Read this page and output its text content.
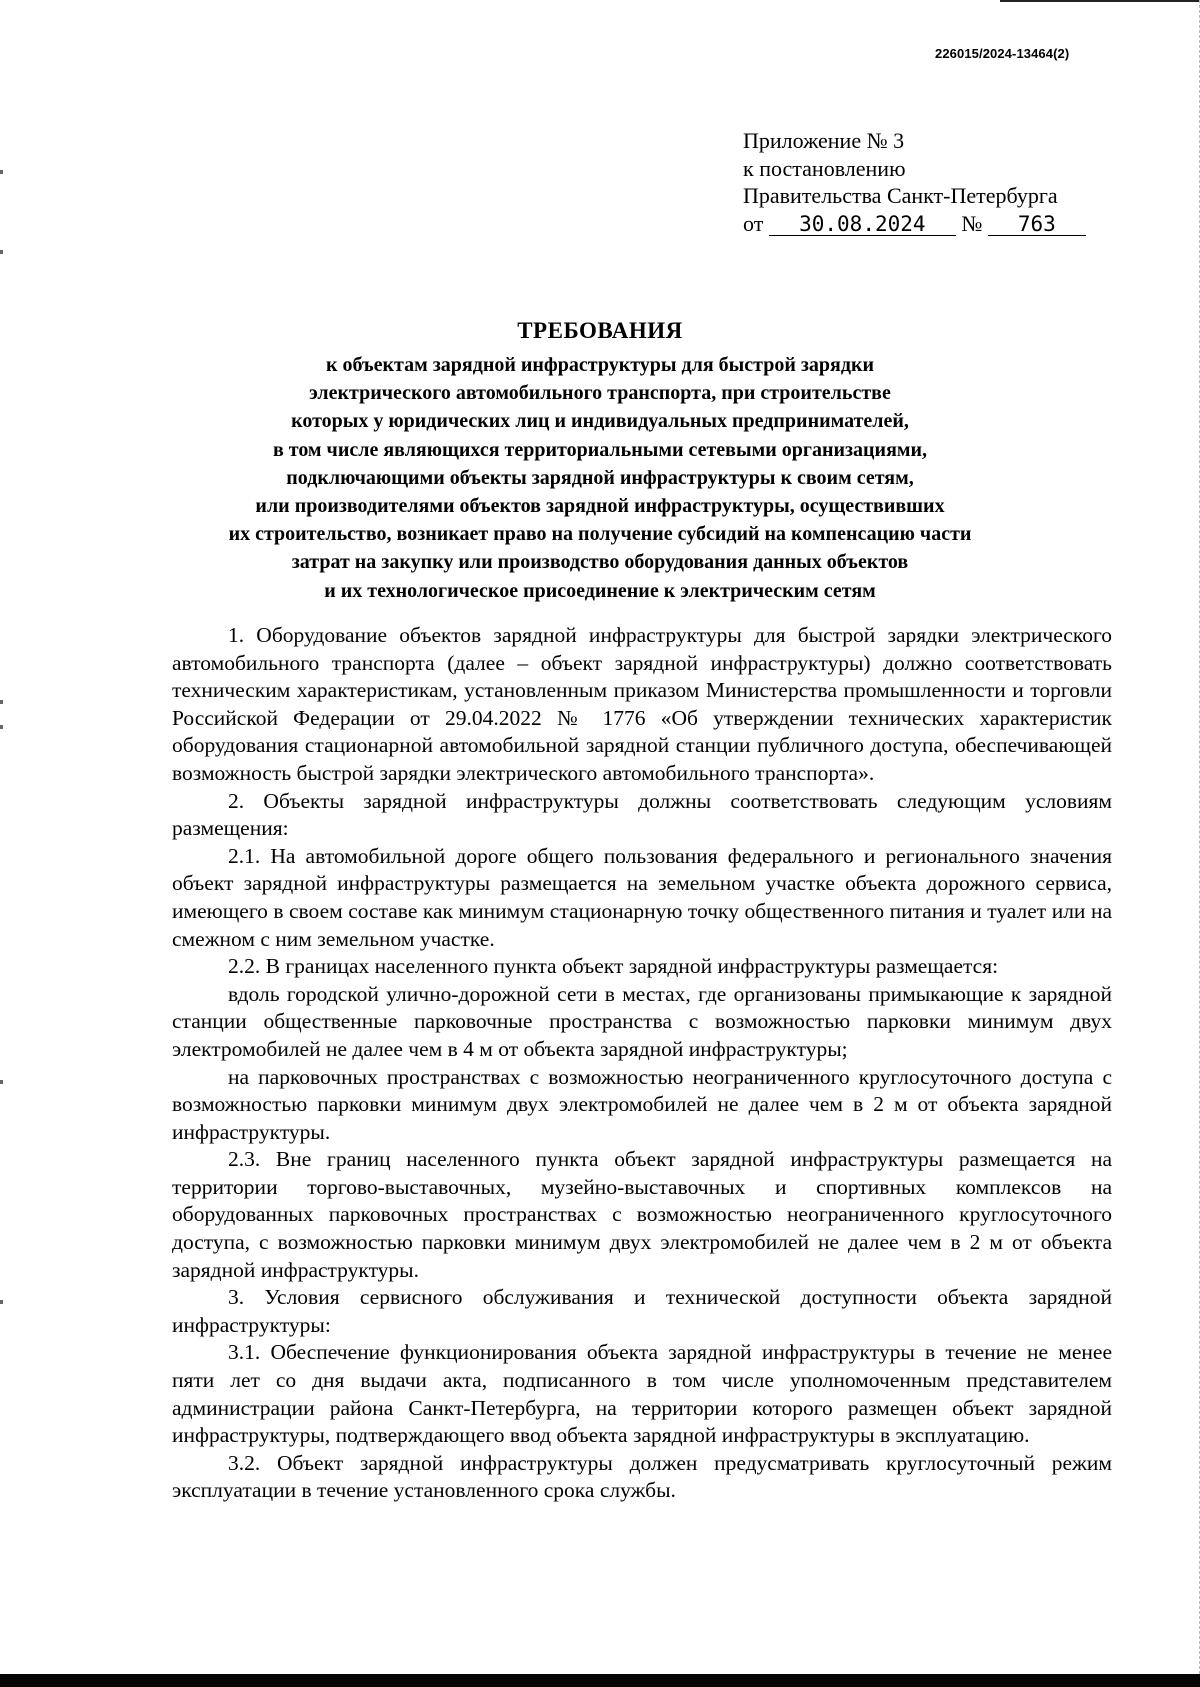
226015/2024-13464(2)
Приложение № 3
к постановлению
Правительства Санкт-Петербурга
от 30.08.2024 № 763
ТРЕБОВАНИЯ
к объектам зарядной инфраструктуры для быстрой зарядки
электрического автомобильного транспорта, при строительстве
которых у юридических лиц и индивидуальных предпринимателей,
в том числе являющихся территориальными сетевыми организациями,
подключающими объекты зарядной инфраструктуры к своим сетям,
или производителями объектов зарядной инфраструктуры, осуществивших
их строительство, возникает право на получение субсидий на компенсацию части
затрат на закупку или производство оборудования данных объектов
и их технологическое присоединение к электрическим сетям

1. Оборудование объектов зарядной инфраструктуры для быстрой зарядки электрического автомобильного транспорта (далее – объект зарядной инфраструктуры) должно соответствовать техническим характеристикам, установленным приказом Министерства промышленности и торговли Российской Федерации от 29.04.2022 № 1776 «Об утверждении технических характеристик оборудования стационарной автомобильной зарядной станции публичного доступа, обеспечивающей возможность быстрой зарядки электрического автомобильного транспорта».

2. Объекты зарядной инфраструктуры должны соответствовать следующим условиям размещения:

2.1. На автомобильной дороге общего пользования федерального и регионального значения объект зарядной инфраструктуры размещается на земельном участке объекта дорожного сервиса, имеющего в своем составе как минимум стационарную точку общественного питания и туалет или на смежном с ним земельном участке.

2.2. В границах населенного пункта объект зарядной инфраструктуры размещается:

вдоль городской улично-дорожной сети в местах, где организованы примыкающие к зарядной станции общественные парковочные пространства с возможностью парковки минимум двух электромобилей не далее чем в 4 м от объекта зарядной инфраструктуры;

на парковочных пространствах с возможностью неограниченного круглосуточного доступа с возможностью парковки минимум двух электромобилей не далее чем в 2 м от объекта зарядной инфраструктуры.

2.3. Вне границ населенного пункта объект зарядной инфраструктуры размещается на территории торгово-выставочных, музейно-выставочных и спортивных комплексов на оборудованных парковочных пространствах с возможностью неограниченного круглосуточного доступа, с возможностью парковки минимум двух электромобилей не далее чем в 2 м от объекта зарядной инфраструктуры.

3. Условия сервисного обслуживания и технической доступности объекта зарядной инфраструктуры:

3.1. Обеспечение функционирования объекта зарядной инфраструктуры в течение не менее пяти лет со дня выдачи акта, подписанного в том числе уполномоченным представителем администрации района Санкт-Петербурга, на территории которого размещен объект зарядной инфраструктуры, подтверждающего ввод объекта зарядной инфраструктуры в эксплуатацию.

3.2. Объект зарядной инфраструктуры должен предусматривать круглосуточный режим эксплуатации в течение установленного срока службы.
